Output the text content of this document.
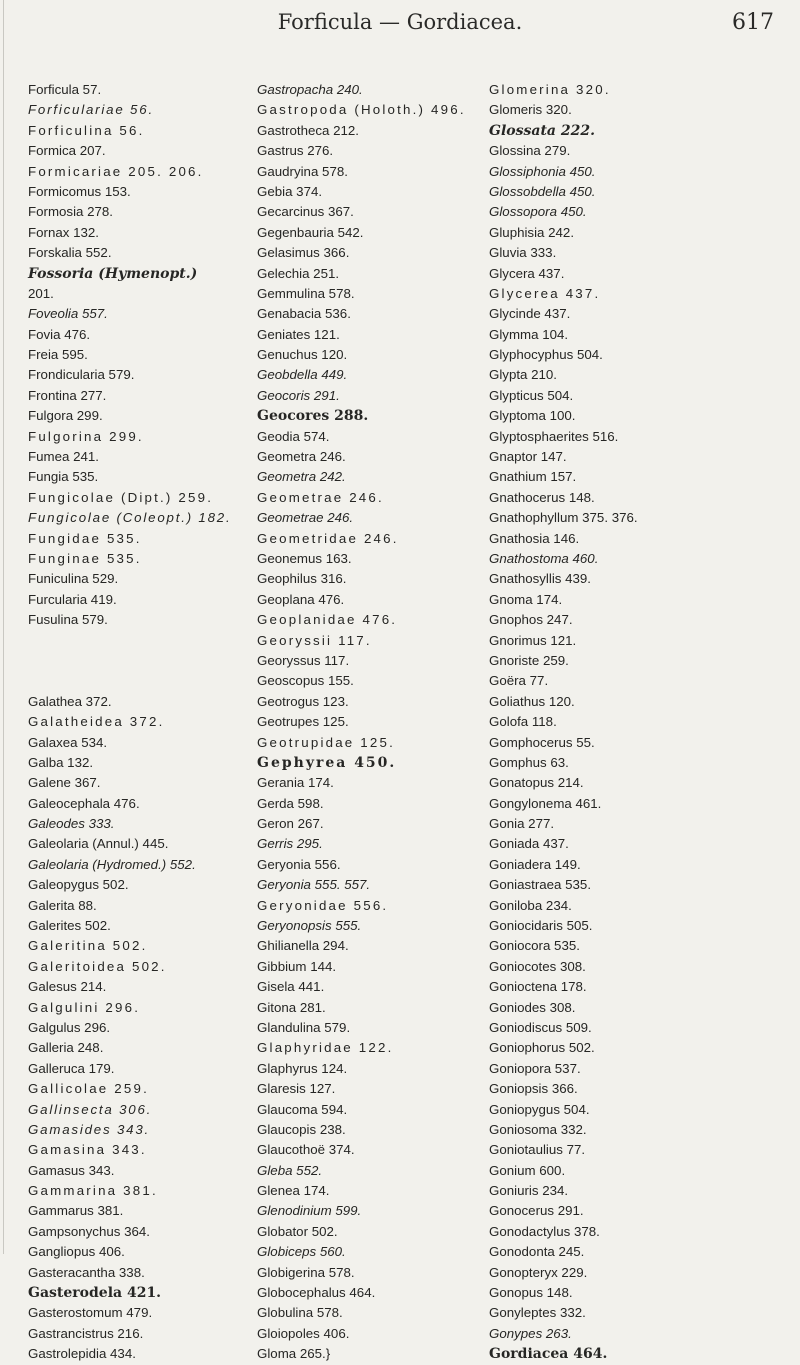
Forficula — Gordiacea.	617
Forficula 57.
Forficulariae 56.
Forficulina 56.
Formica 207.
Formicariae 205. 206.
Formicomus 153.
Formosia 278.
Fornax 132.
Forskalia 552.
Fossoria (Hymenopt.)
201.
Foveolia 557.
Fovia 476.
Freia 595.
Frondicularia 579.
Frontina 277.
Fulgora 299.
Fulgorina 299.
Fumea 241.
Fungia 535.
Fungicolae (Dipt.) 259.
Fungicolae (Coleopt.) 182.
Fungidae 535.
Funginae 535.
Funiculina 529.
Furcularia 419.
Fusulina 579.
Galathea 372.
Galatheidea 372.
Galaxea 534.
Galba 132.
Galene 367.
Galeocephala 476.
Galeodes 333.
Galeolaria (Annul.) 445.
Galeolaria (Hydromed.) 552.
Galeopygus 502.
Galerita 88.
Galerites 502.
Galeritina 502.
Galeritoidea 502.
Galesus 214.
Galgulini 296.
Galgulus 296.
Galleria 248.
Galleruca 179.
Gallicolae 259.
Gallinsecta 306.
Gamasides 343.
Gamasina 343.
Gamasus 343.
Gammarina 381.
Gammarus 381.
Gampsonychus 364.
Gangliopus 406.
Gasteracantha 338.
Gasterodela 421.
Gasterostomum 479.
Gastrancistrus 216.
Gastrolepidia 434.
Gastropacha 240.
Gastropoda (Holoth.) 496.
Gastrotheca 212.
Gastrus 276.
Gaudryina 578.
Gebia 374.
Gecarcinus 367.
Gegenbauria 542.
Gelasimus 366.
Gelechia 251.
Gemmulina 578.
Genabacia 536.
Geniates 121.
Genuchus 120.
Geobdella 449.
Geocoris 291.
Geocores 288.
Geodia 574.
Geometra 246.
Geometra 242.
Geometrae 246.
Geometrae 246.
Geometridae 246.
Geonemus 163.
Geophilus 316.
Geoplana 476.
Geoplanidae 476.
Georyssii 117.
Georyssus 117.
Geoscopus 155.
Geotrogus 123.
Geotrupes 125.
Geotrupidae 125.
Gephyrea 450.
Gerania 174.
Gerda 598.
Geron 267.
Gerris 295.
Geryonia 556.
Geryonia 555. 557.
Geryonidae 556.
Geryonopsis 555.
Ghilianella 294.
Gibbium 144.
Gisela 441.
Gitona 281.
Glandulina 579.
Glaphyridae 122.
Glaphyrus 124.
Glaresis 127.
Glaucoma 594.
Glaucopis 238.
Glaucothoë 374.
Gleba 552.
Glenea 174.
Glenodinium 599.
Globator 502.
Globiceps 560.
Globigerina 578.
Globocephalus 464.
Globulina 578.
Gloiopoles 406.
Gloma 265.}
Glomerina 320.
Glomeris 320.
Glossata 222.
Glossina 279.
Glossiphonia 450.
Glossobdella 450.
Glossopora 450.
Gluphisia 242.
Gluvia 333.
Glycera 437.
Glycerea 437.
Glycinde 437.
Glymma 104.
Glyphocyphus 504.
Glypta 210.
Glypticus 504.
Glyptoma 100.
Glyptosphaerites 516.
Gnaptor 147.
Gnathium 157.
Gnathocerus 148.
Gnathophyllum 375. 376.
Gnathosia 146.
Gnathostoma 460.
Gnathosyllis 439.
Gnoma 174.
Gnophos 247.
Gnorimus 121.
Gnoriste 259.
Goëra 77.
Goliathus 120.
Golofa 118.
Gomphocerus 55.
Gomphus 63.
Gonatopus 214.
Gongylonema 461.
Gonia 277.
Goniada 437.
Goniadera 149.
Goniastraea 535.
Goniloba 234.
Goniocidaris 505.
Goniocora 535.
Goniocotes 308.
Gonioctena 178.
Goniodes 308.
Goniodiscus 509.
Goniophorus 502.
Goniopora 537.
Goniopsis 366.
Goniopygus 504.
Goniosoma 332.
Goniotaulius 77.
Gonium 600.
Goniuris 234.
Gonocerus 291.
Gonodactylus 378.
Gonodonta 245.
Gonopteryx 229.
Gonopus 148.
Gonyleptes 332.
Gonypes 263.
Gordiacea 464.
